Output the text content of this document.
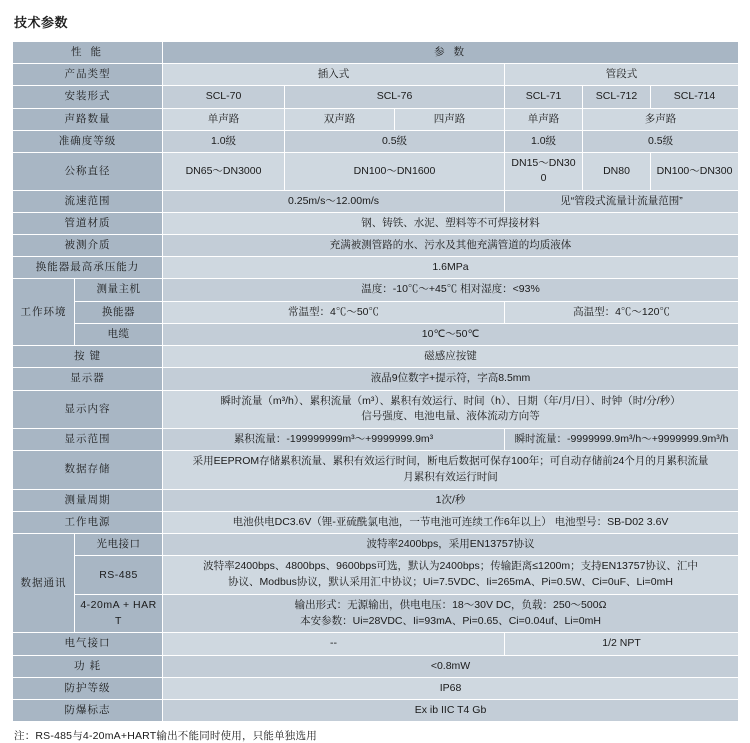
技术参数
性 能		参 数					
产品类型		插入式			管段式		
安装形式		SCL-70	SCL-76		SCL-71	SCL-712	SCL-714
声路数量		单声路	双声路	四声路	单声路	多声路	
准确度等级		1.0级	0.5级		1.0级	0.5级	
公称直径		DN65～DN3000	DN100～DN1600		DN15～DN300	DN80	DN100～DN300
流速范围		0.25m/s～12.00m/s			见“管段式流量计流量范围”		
管道材质		钢、铸铁、水泥、塑料等不可焊接材料					
被测介质		充满被测管路的水、污水及其他充满管道的均质液体					
换能器最高承压能力		1.6MPa					
工作环境	测量主机	温度：-10℃～+45℃ 相对湿度：<93%					
	换能器	常温型：4℃～50℃			高温型：4℃～120℃		
	电缆	10℃～50℃					
按 键		磁感应按键					
显示器		液晶9位数字+提示符，字高8.5mm					
显示内容		瞬时流量（m³/h）、累积流量（m³）、累积有效运行、时间（h）、日期（年/月/日）、时钟（时/分/秒）
信号强度、电池电量、液体流动方向等					

显示范围		累积流量：-199999999m³～+9999999.9m³			瞬时流量：-9999999.9m³/h～+9999999.9m³/h		
数据存储		采用EEPROM存储累积流量、累积有效运行时间，断电后数据可保存100年；可自动存储前24个月的月累积流量
月累积有效运行时间					

测量周期		1次/秒					
工作电源		电池供电DC3.6V（锂-亚硫酰氯电池，一节电池可连续工作6年以上） 电池型号：SB-D02 3.6V					
数据通讯	光电接口	波特率2400bps，采用EN13757协议					
	RS-485	波特率2400bps、4800bps、9600bps可选，默认为2400bps；传输距离≤1200m；支持EN13757协议、汇中
协议、Modbus协议，默认采用汇中协议；Ui=7.5VDC、Ii=265mA、Pi=0.5W、Ci=0uF、Li=0mH					

	4-20mA + HART	输出形式：无源输出，供电电压：18～30V DC，负载：250～500Ω
本安参数：Ui=28VDC、Ii=93mA、Pi=0.65、Ci=0.04uf、Li=0mH					

电气接口		--			1/2 NPT		
功 耗		<0.8mW					
防护等级		IP68					
防爆标志		Ex ib IIC T4 Gb					
注：RS-485与4-20mA+HART输出不能同时使用，只能单独选用
